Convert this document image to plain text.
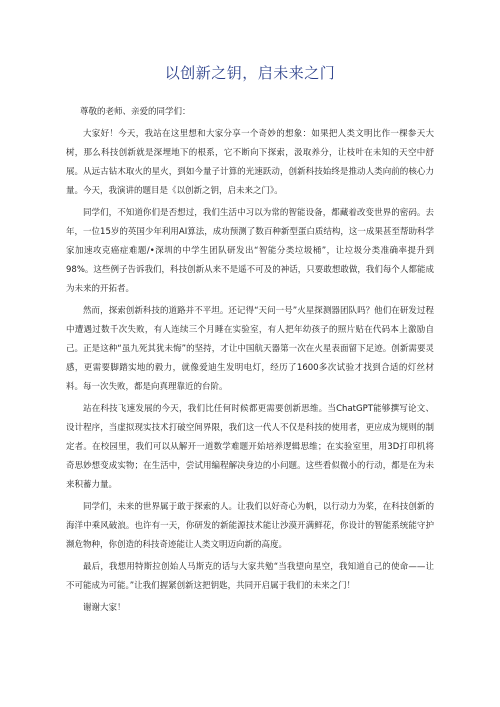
以创新之钥，启未来之门

尊敬的老师、亲爱的同学们：

大家好！今天，我站在这里想和大家分享一个奇妙的想象：如果把人类文明比作一棵参天大树，那么科技创新就是深埋地下的根系，它不断向下探索，汲取养分，让枝叶在未知的天空中舒展。从远古钻木取火的星火，到如今量子计算的光速跃动，创新科技始终是推动人类向前的核心力量。今天，我演讲的题目是《以创新之钥，启未来之门》。

同学们，不知道你们是否想过，我们生活中习以为常的智能设备，都藏着改变世界的密码。去年，一位15岁的英国少年利用AI算法，成功预测了数百种新型蛋白质结构，这一成果甚至帮助科学家加速攻克癌症难题/•深圳的中学生团队研发出“智能分类垃圾桶”，让垃圾分类准确率提升到98%。这些例子告诉我们，科技创新从来不是遥不可及的神话，只要敢想敢做，我们每个人都能成为未来的开拓者。

然而，探索创新科技的道路并不平坦。还记得“天问一号”火星探测器团队吗？他们在研发过程中遭遇过数千次失败，有人连续三个月睡在实验室，有人把年幼孩子的照片贴在代码本上激励自己。正是这种“虽九死其犹未悔”的坚持，才让中国航天器第一次在火星表面留下足迹。创新需要灵感，更需要脚踏实地的毅力，就像爱迪生发明电灯，经历了1600多次试验才找到合适的灯丝材料。每一次失败，都是向真理靠近的台阶。

站在科技飞速发展的今天，我们比任何时候都更需要创新思维。当ChatGPT能够撰写论文、设计程序，当虚拟现实技术打破空间界限，我们这一代人不仅是科技的使用者，更应成为规则的制定者。在校园里，我们可以从解开一道数学难题开始培养逻辑思维；在实验室里，用3D打印机将奇思妙想变成实物；在生活中，尝试用编程解决身边的小问题。这些看似微小的行动，都是在为未来积蓄力量。

同学们，未来的世界属于敢于探索的人。让我们以好奇心为帆，以行动力为桨，在科技创新的海洋中乘风破浪。也许有一天，你研发的新能源技术能让沙漠开满鲜花，你设计的智能系统能守护濒危物种，你创造的科技奇迹能让人类文明迈向新的高度。

最后，我想用特斯拉创始人马斯克的话与大家共勉“当我望向星空，我知道自己的使命——让不可能成为可能。”让我们握紧创新这把钥匙，共同开启属于我们的未来之门！

谢谢大家！
